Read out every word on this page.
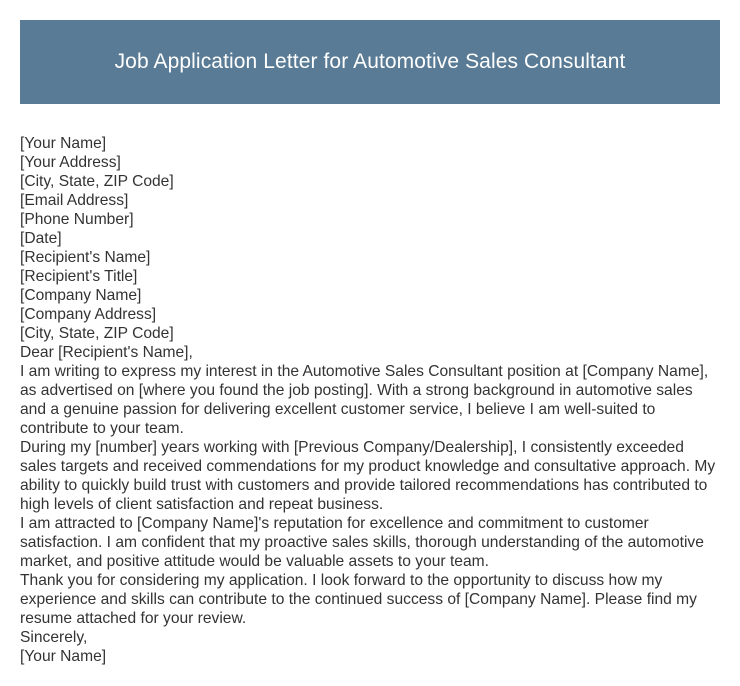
Job Application Letter for Automotive Sales Consultant
[Your Name]
[Your Address]
[City, State, ZIP Code]
[Email Address]
[Phone Number]
[Date]
[Recipient's Name]
[Recipient's Title]
[Company Name]
[Company Address]
[City, State, ZIP Code]
Dear [Recipient's Name],
I am writing to express my interest in the Automotive Sales Consultant position at [Company Name], as advertised on [where you found the job posting]. With a strong background in automotive sales and a genuine passion for delivering excellent customer service, I believe I am well-suited to contribute to your team.
During my [number] years working with [Previous Company/Dealership], I consistently exceeded sales targets and received commendations for my product knowledge and consultative approach. My ability to quickly build trust with customers and provide tailored recommendations has contributed to high levels of client satisfaction and repeat business.
I am attracted to [Company Name]'s reputation for excellence and commitment to customer satisfaction. I am confident that my proactive sales skills, thorough understanding of the automotive market, and positive attitude would be valuable assets to your team.
Thank you for considering my application. I look forward to the opportunity to discuss how my experience and skills can contribute to the continued success of [Company Name]. Please find my resume attached for your review.
Sincerely,
[Your Name]
